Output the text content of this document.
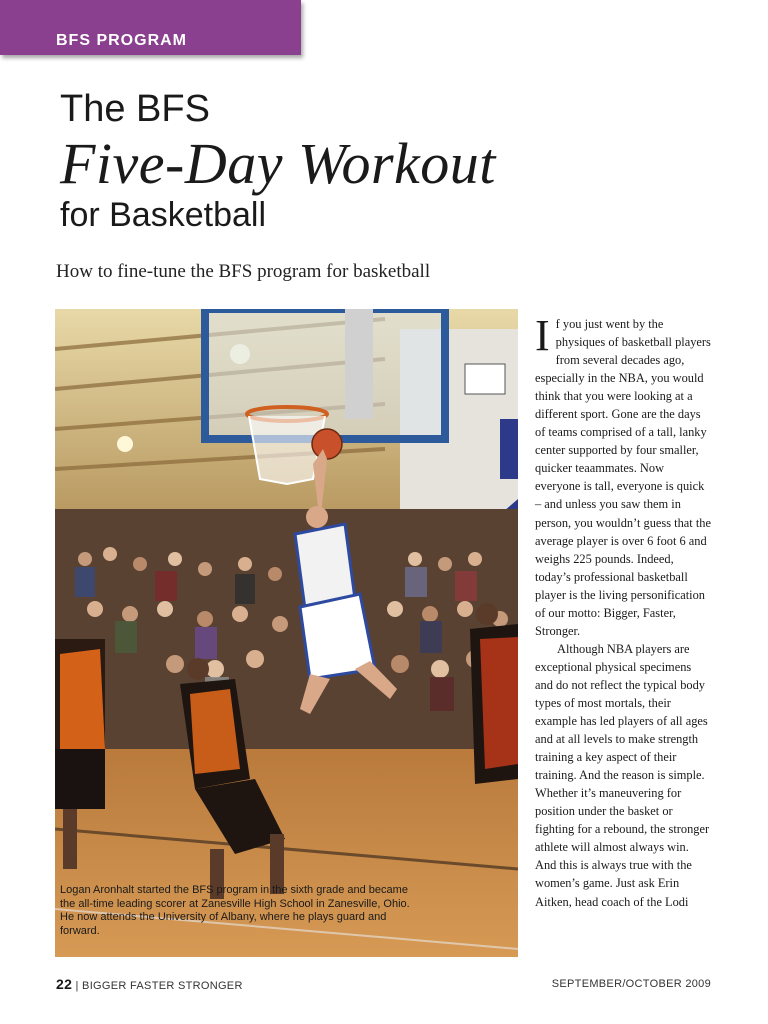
BFS PROGRAM
The BFS
Five-Day Workout
for Basketball
How to fine-tune the BFS program for basketball
Logan Aronhalt started the BFS program in the sixth grade and became the all-time leading scorer at Zanesville High School in Zanesville, Ohio. He now attends the University of Albany, where he plays guard and forward.

If you just went by the physiques of basketball players from several decades ago, especially in the NBA, you would think that you were looking at a different sport. Gone are the days of teams comprised of a tall, lanky center supported by four smaller, quicker teaammates. Now everyone is tall, everyone is quick – and unless you saw them in person, you wouldn’t guess that the average player is over 6 foot 6 and weighs 225 pounds. Indeed, today’s professional basketball player is the living personification of our motto: Bigger, Faster, Stronger.

Although NBA players are exceptional physical specimens and do not reflect the typical body types of most mortals, their example has led players of all ages and at all levels to make strength training a key aspect of their training. And the reason is simple. Whether it’s maneuvering for position under the basket or fighting for a rebound, the stronger athlete will almost always win. And this is always true with the women’s game. Just ask Erin Aitken, head coach of the Lodi

22 | BIGGER FASTER STRONGER	SEPTEMBER/OCTOBER 2009
